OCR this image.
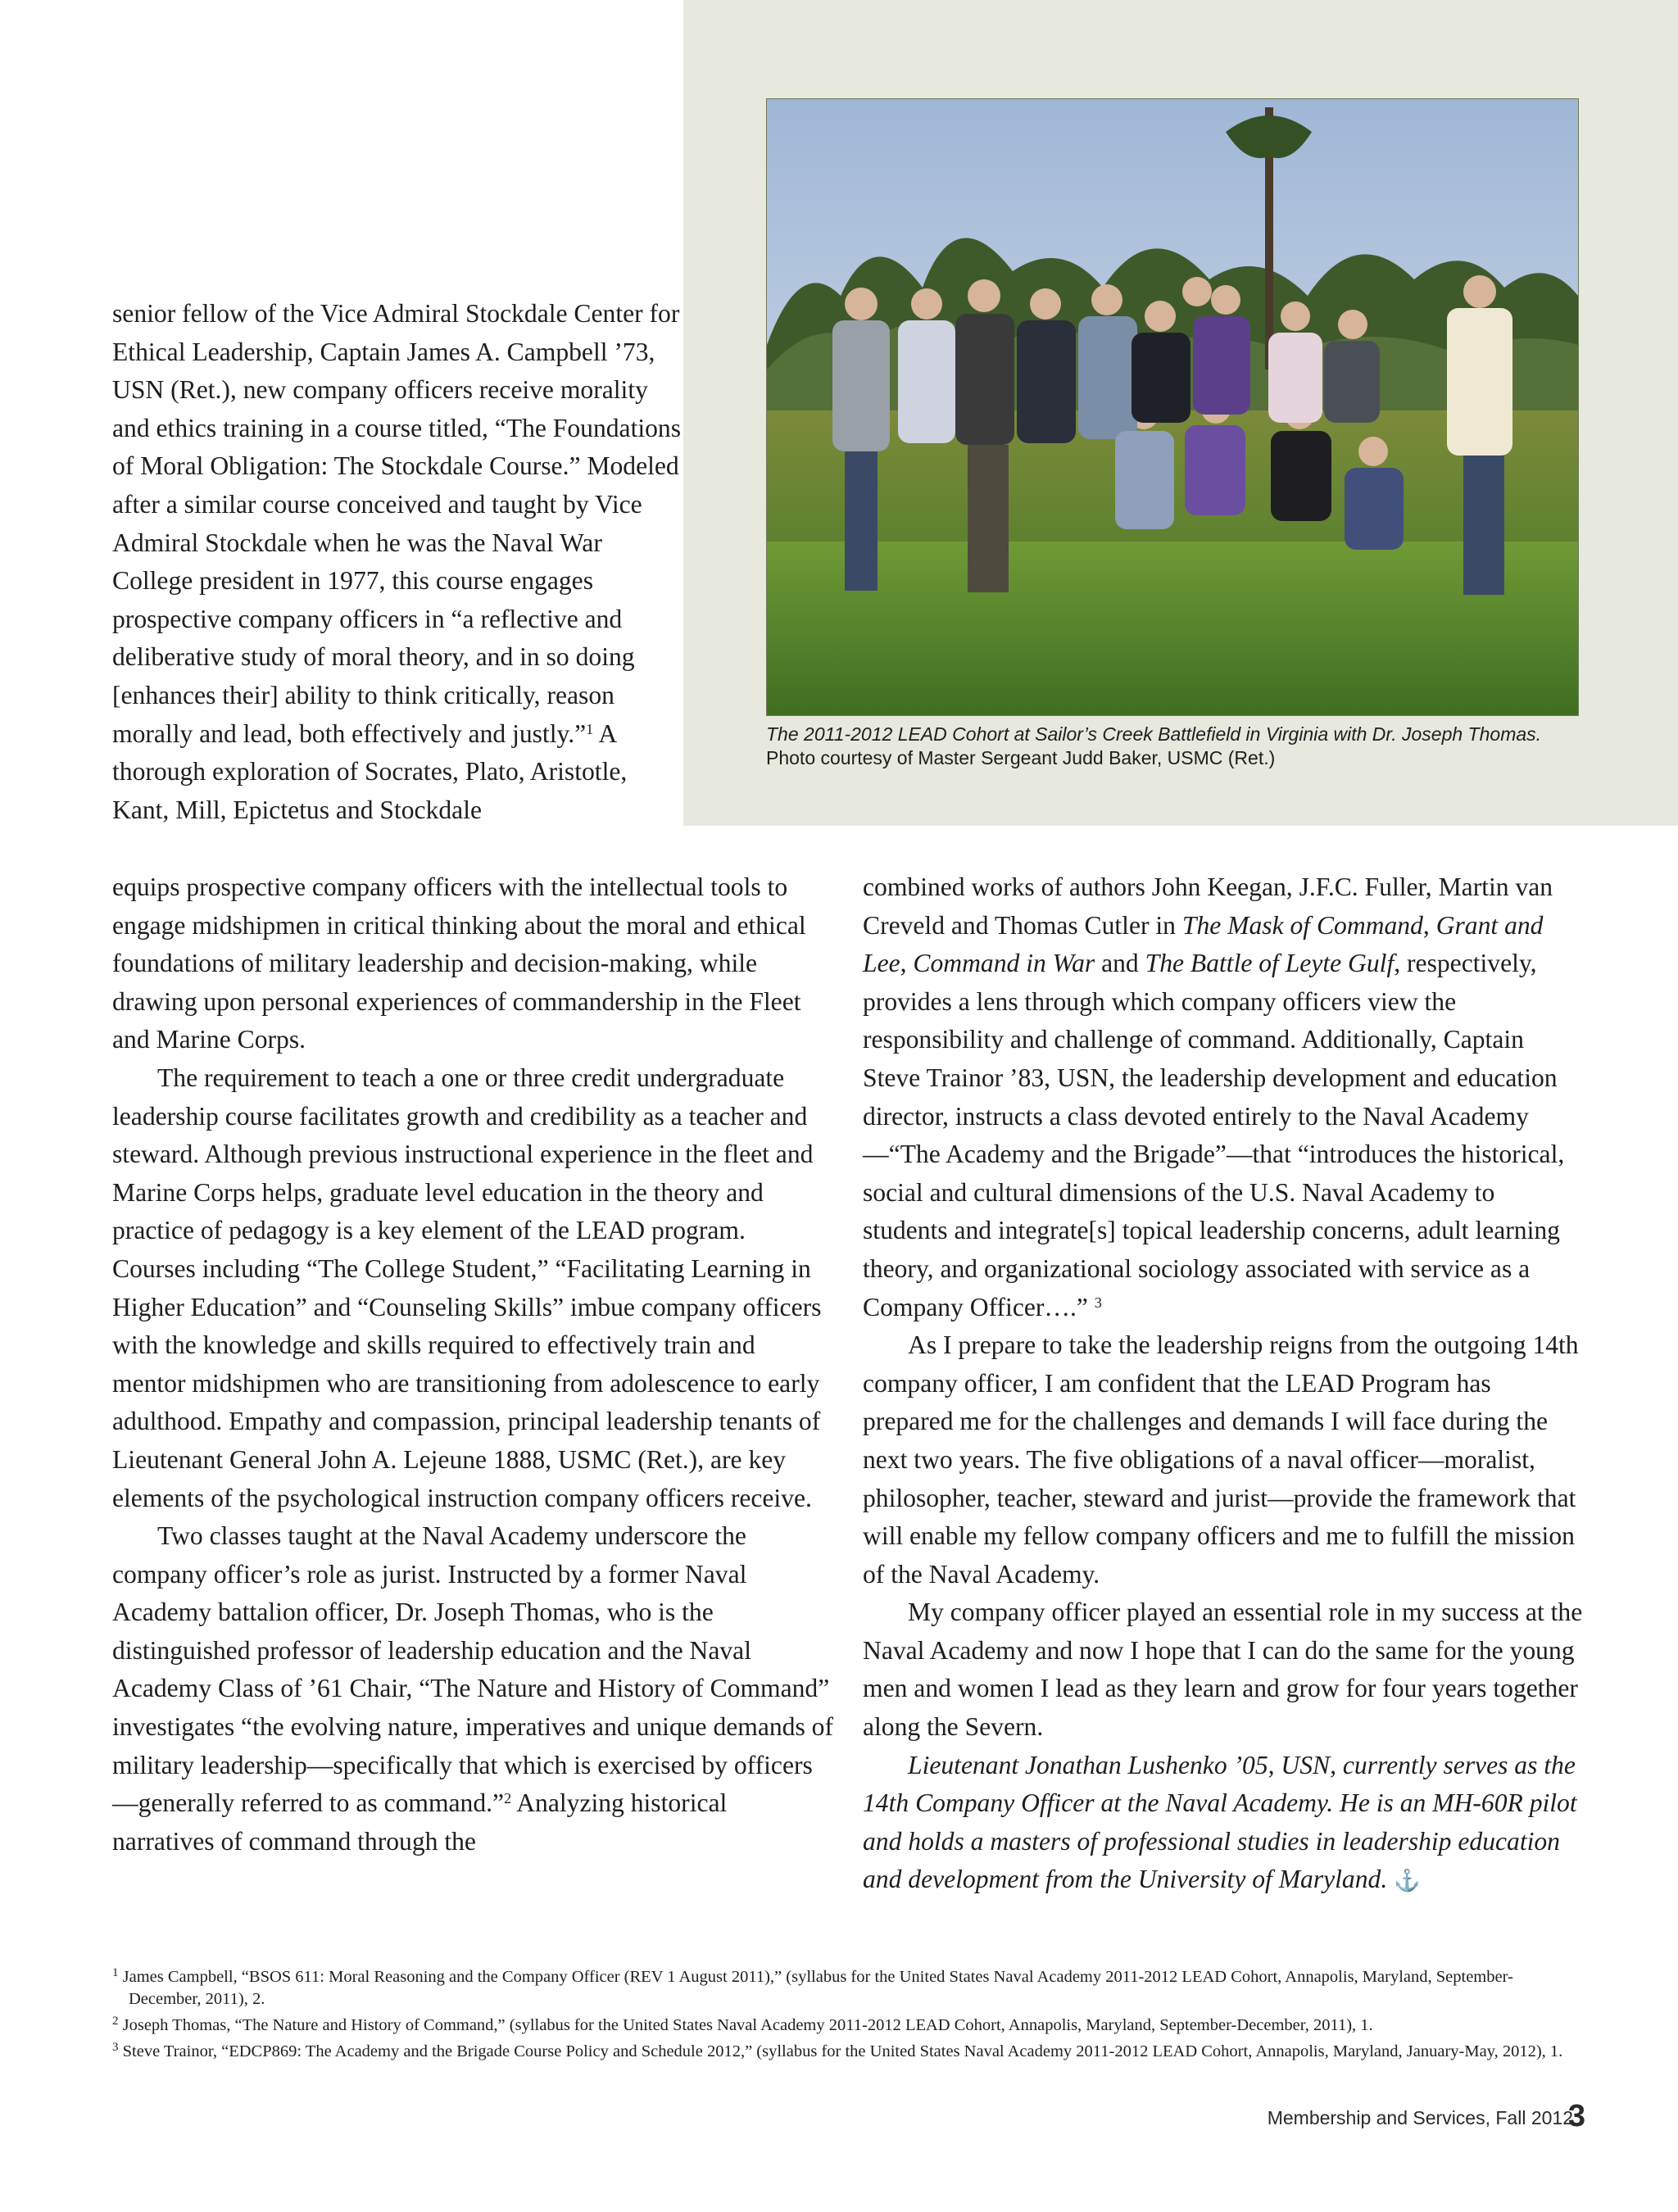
The 2011-2012 LEAD Cohort at Sailor’s Creek Battlefield in Virginia with Dr. Joseph Thomas.
Photo courtesy of Master Sergeant Judd Baker, USMC (Ret.)

senior fellow of the Vice Admiral Stockdale Center for Ethical Leadership, Captain James A. Campbell ’73, USN (Ret.), new company officers receive morality and ethics training in a course titled, “The Foundations of Moral Obligation: The Stockdale Course.” Modeled after a similar course conceived and taught by Vice Admiral Stockdale when he was the Naval War College president in 1977, this course engages prospective company officers in “a reflective and deliberative study of moral theory, and in so doing [enhances their] ability to think critically, reason morally and lead, both effectively and justly.”$^1$ A thorough exploration of Socrates, Plato, Aristotle, Kant, Mill, Epictetus and Stockdale

equips prospective company officers with the intellectual tools to engage midshipmen in critical thinking about the moral and ethical foundations of military leadership and decision-making, while drawing upon personal experiences of commandership in the Fleet and Marine Corps.

The requirement to teach a one or three credit undergraduate leadership course facilitates growth and credibility as a teacher and steward. Although previous instructional experience in the fleet and Marine Corps helps, graduate level education in the theory and practice of pedagogy is a key element of the LEAD program. Courses including “The College Student,” “Facilitating Learning in Higher Education” and “Counseling Skills” imbue company officers with the knowledge and skills required to effectively train and mentor midshipmen who are transitioning from adolescence to early adulthood. Empathy and compassion, principal leadership tenants of Lieutenant General John A. Lejeune 1888, USMC (Ret.), are key elements of the psychological instruction company officers receive.

Two classes taught at the Naval Academy underscore the company officer’s role as jurist. Instructed by a former Naval Academy battalion officer, Dr. Joseph Thomas, who is the distinguished professor of leadership education and the Naval Academy Class of ’61 Chair, “The Nature and History of Command” investigates “the evolving nature, imperatives and unique demands of military leadership—specifically that which is exercised by officers—generally referred to as command.”$^2$ Analyzing historical narratives of command through the

combined works of authors John Keegan, J.F.C. Fuller, Martin van Creveld and Thomas Cutler in The Mask of Command, Grant and Lee, Command in War and The Battle of Leyte Gulf, respectively, provides a lens through which company officers view the responsibility and challenge of command. Additionally, Captain Steve Trainor ’83, USN, the leadership development and education director, instructs a class devoted entirely to the Naval Academy—“The Academy and the Brigade”—that “introduces the historical, social and cultural dimensions of the U.S. Naval Academy to students and integrate[s] topical leadership concerns, adult learning theory, and organizational sociology associated with service as a Company Officer….” $^3$

As I prepare to take the leadership reigns from the outgoing 14th company officer, I am confident that the LEAD Program has prepared me for the challenges and demands I will face during the next two years. The five obligations of a naval officer—moralist, philosopher, teacher, steward and jurist—provide the framework that will enable my fellow company officers and me to fulfill the mission of the Naval Academy.

My company officer played an essential role in my success at the Naval Academy and now I hope that I can do the same for the young men and women I lead as they learn and grow for four years together along the Severn.

Lieutenant Jonathan Lushenko ’05, USN, currently serves as the 14th Company Officer at the Naval Academy. He is an MH-60R pilot and holds a masters of professional studies in leadership education and development from the University of Maryland. ⚓

$^1$ James Campbell, “BSOS 611: Moral Reasoning and the Company Officer (REV 1 August 2011),” (syllabus for the United States Naval Academy 2011-2012 LEAD Cohort, Annapolis, Maryland, September-December, 2011), 2.

$^2$ Joseph Thomas, “The Nature and History of Command,” (syllabus for the United States Naval Academy 2011-2012 LEAD Cohort, Annapolis, Maryland, September-December, 2011), 1.

$^3$ Steve Trainor, “EDCP869: The Academy and the Brigade Course Policy and Schedule 2012,” (syllabus for the United States Naval Academy 2011-2012 LEAD Cohort, Annapolis, Maryland, January-May, 2012), 1.

Membership and Services, Fall 2012
3
